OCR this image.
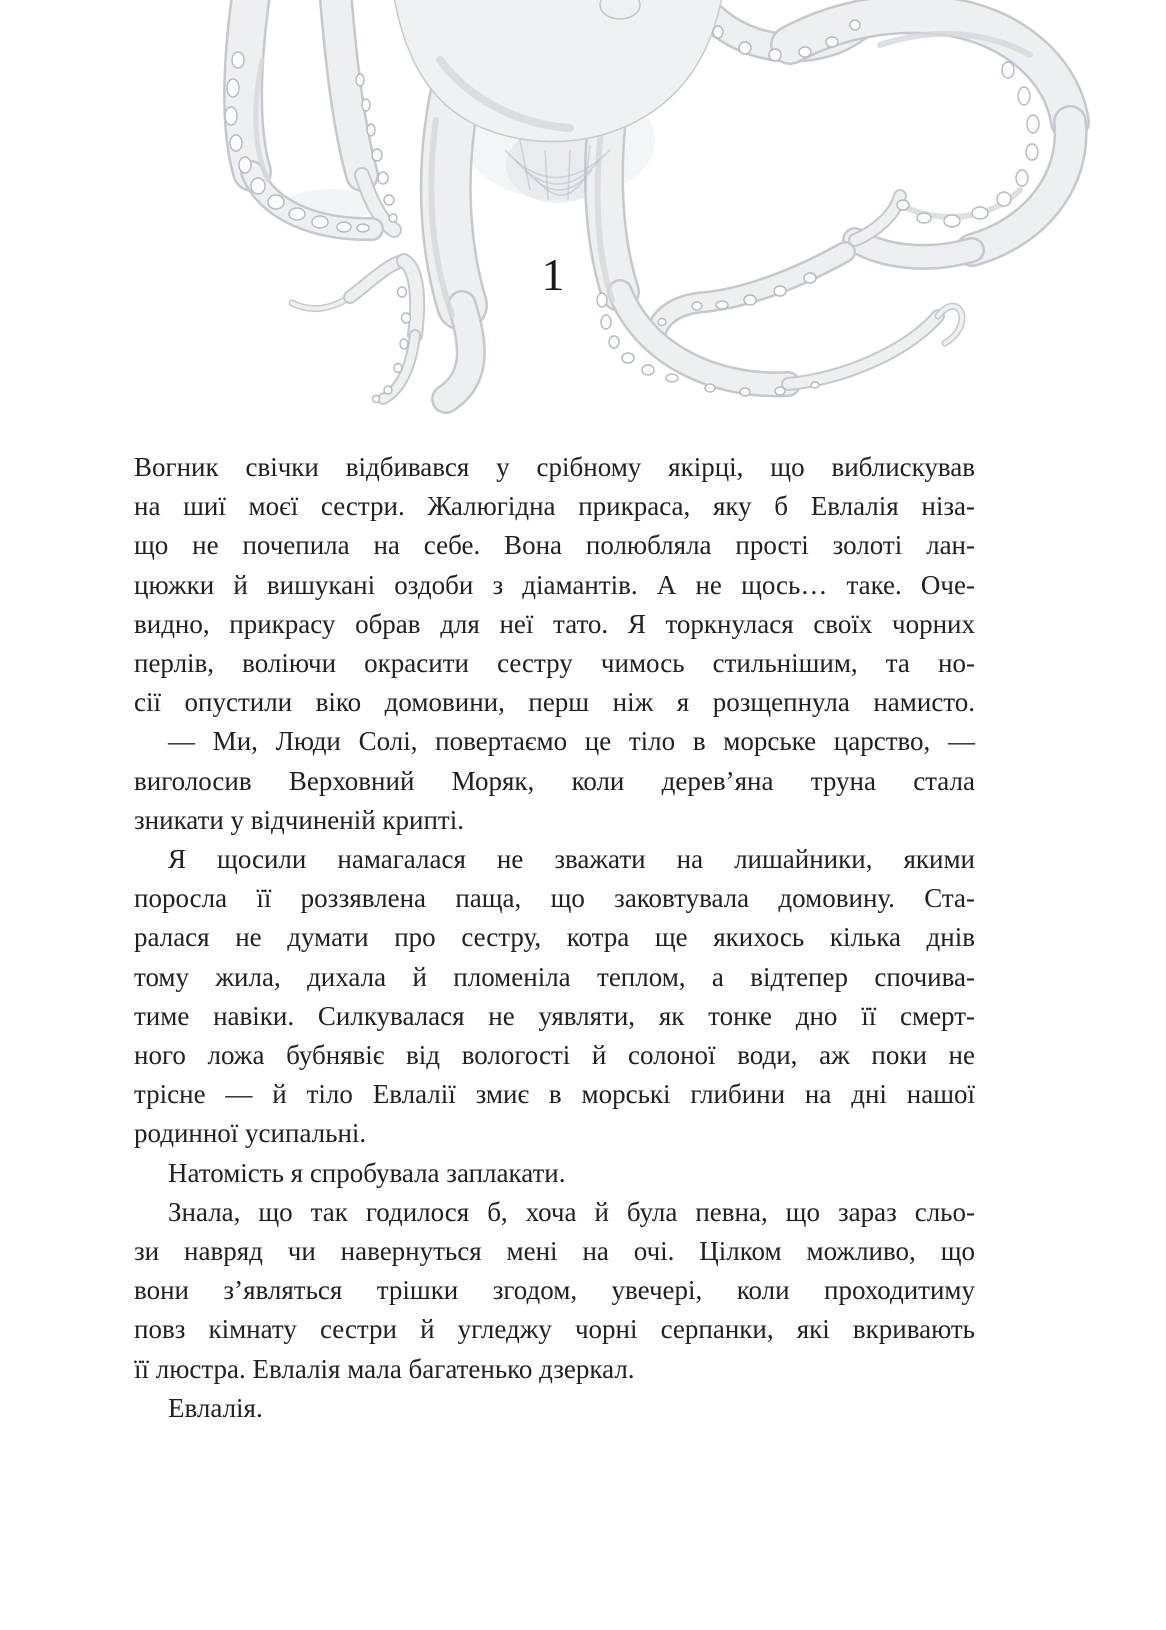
1
Вогник свічки відбивався у срібному якірці, що виблискував
на шиї моєї сестри. Жалюгідна прикраса, яку б Евлалія ніза-
що не почепила на себе. Вона полюбляла прості золоті лан-
цюжки й вишукані оздоби з діамантів. А не щось… таке. Оче-
видно, прикрасу обрав для неї тато. Я торкнулася своїх чорних
перлів, воліючи окрасити сестру чимось стильнішим, та но-
сії опустили віко домовини, перш ніж я розщепнула намисто.
— Ми, Люди Солі, повертаємо це тіло в морське царство, —
виголосив Верховний Моряк, коли дерев’яна труна стала
зникати у відчиненій крипті.
Я щосили намагалася не зважати на лишайники, якими
поросла її роззявлена паща, що заковтувала домовину. Ста-
ралася не думати про сестру, котра ще якихось кілька днів
тому жила, дихала й пломеніла теплом, а відтепер спочива-
тиме навіки. Силкувалася не уявляти, як тонке дно її смерт-
ного ложа бубнявіє від вологості й солоної води, аж поки не
трісне — й тіло Евлалії змиє в морські глибини на дні нашої
родинної усипальні.
Натомість я спробувала заплакати.
Знала, що так годилося б, хоча й була певна, що зараз сльо-
зи навряд чи навернуться мені на очі. Цілком можливо, що
вони з’являться трішки згодом, увечері, коли проходитиму
повз кімнату сестри й угледжу чорні серпанки, які вкривають
її люстра. Евлалія мала багатенько дзеркал.
Евлалія.
